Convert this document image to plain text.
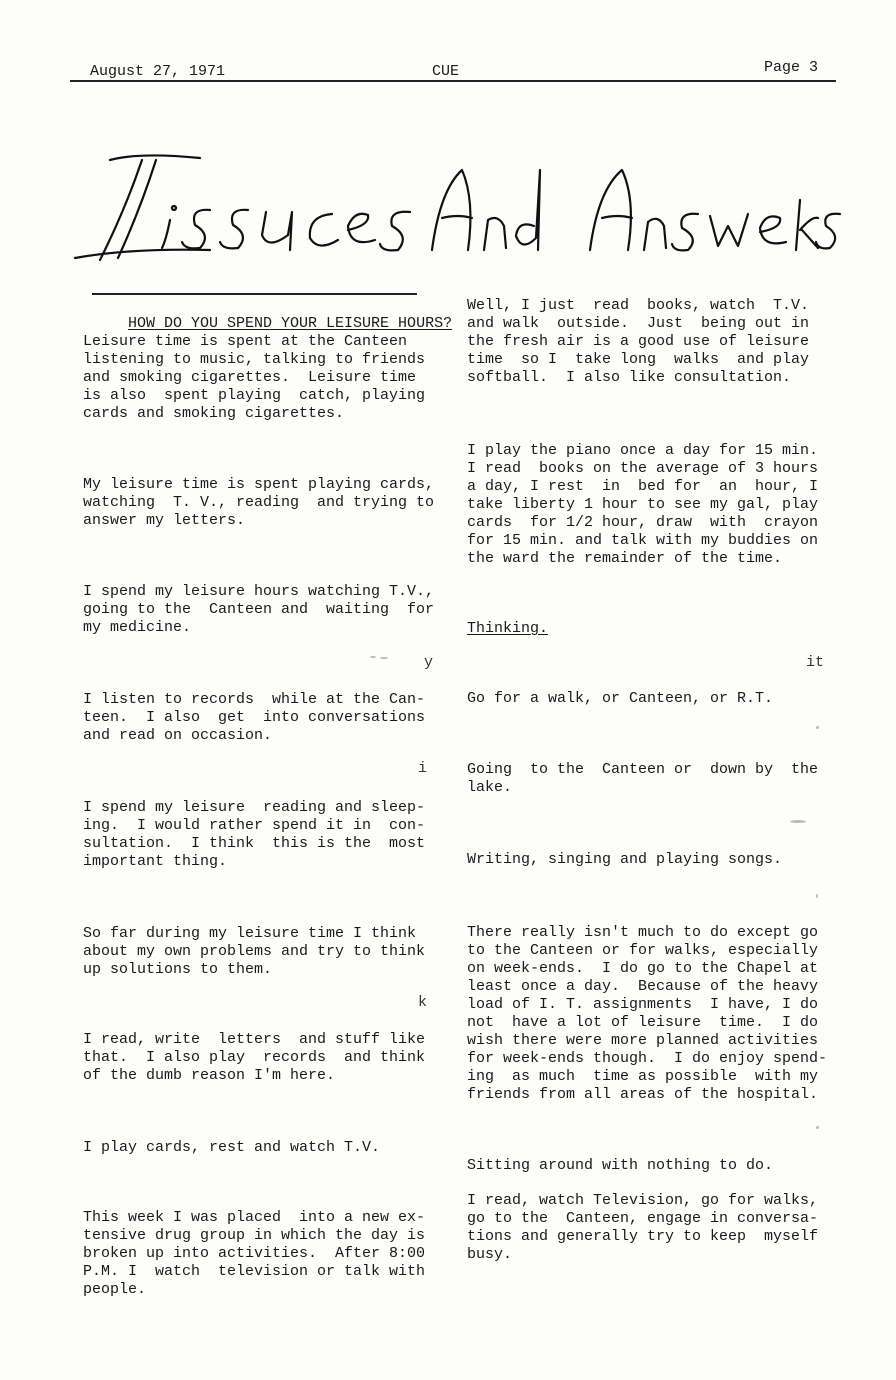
August 27, 1971	CUE	Page 3

HOW DO YOU SPEND YOUR LEISURE HOURS?

Leisure time is spent at the Canteen
listening to music, talking to friends
and smoking cigarettes.  Leisure time
is also  spent playing  catch, playing
cards and smoking cigarettes.

My leisure time is spent playing cards,
watching  T. V., reading  and trying to
answer my letters.

I spend my leisure hours watching T.V.,
going to the  Canteen and  waiting  for
my medicine.

I listen to records  while at the Can-
teen.  I also  get  into conversations
and read on occasion.

I spend my leisure  reading and sleep-
ing.  I would rather spend it in  con-
sultation.  I think  this is the  most
important thing.

So far during my leisure time I think
about my own problems and try to think
up solutions to them.

I read, write  letters  and stuff like
that.  I also play  records  and think
of the dumb reason I'm here.

I play cards, rest and watch T.V.

This week I was placed  into a new ex-
tensive drug group in which the day is
broken up into activities.  After 8:00
P.M. I  watch  television or talk with
people.

y
i
k

Well, I just  read  books, watch  T.V.
and walk  outside.  Just  being out in
the fresh air is a good use of leisure
time  so I  take long  walks  and play
softball.  I also like consultation.

I play the piano once a day for 15 min.
I read  books on the average of 3 hours
a day, I rest  in  bed for  an  hour, I
take liberty 1 hour to see my gal, play
cards  for 1/2 hour, draw  with  crayon
for 15 min. and talk with my buddies on
the ward the remainder of the time.

Thinking.

Go for a walk, or Canteen, or R.T.

Going  to the  Canteen or  down by  the
lake.

Writing, singing and playing songs.

There really isn't much to do except go
to the Canteen or for walks, especially
on week-ends.  I do go to the Chapel at
least once a day.  Because of the heavy
load of I. T. assignments  I have, I do
not  have a lot of leisure  time.  I do
wish there were more planned activities
for week-ends though.  I do enjoy spend-
ing  as much  time as possible  with my
friends from all areas of the hospital.

Sitting around with nothing to do.

I read, watch Television, go for walks,
go to the  Canteen, engage in conversa-
tions and generally try to keep  myself
busy.

it
